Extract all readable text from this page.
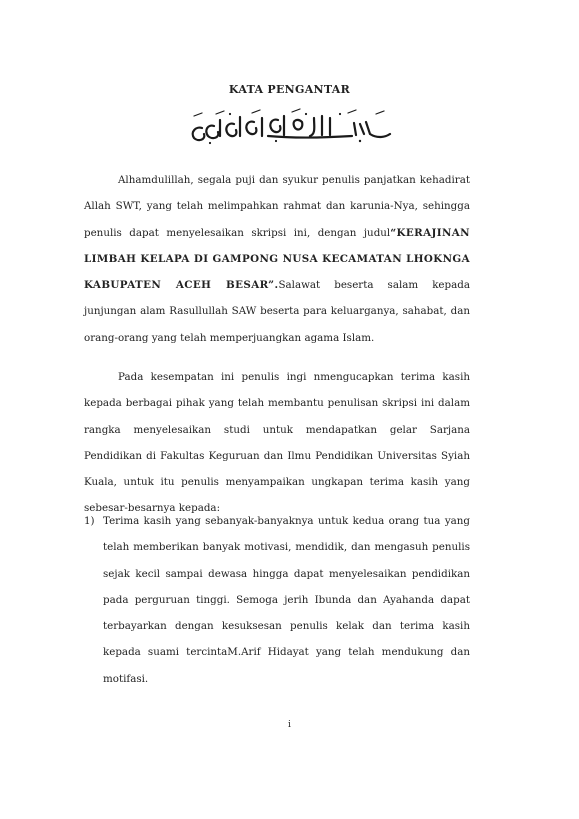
KATA PENGANTAR

Alhamdulillah, segala puji dan syukur penulis panjatkan kehadirat Allah SWT, yang telah melimpahkan rahmat dan karunia-Nya, sehingga penulis dapat menyelesaikan skripsi ini, dengan judul“KERAJINAN LIMBAH KELAPA DI GAMPONG NUSA KECAMATAN LHOKNGA KABUPATEN ACEH BESAR”.Salawat beserta salam kepada junjungan alam Rasullullah SAW beserta para keluarganya, sahabat, dan orang-orang yang telah memperjuangkan agama Islam.

Pada kesempatan ini penulis ingi nmengucapkan terima kasih kepada berbagai pihak yang telah membantu penulisan skripsi ini dalam rangka menyelesaikan studi untuk mendapatkan gelar Sarjana Pendidikan di Fakultas Keguruan dan Ilmu Pendidikan Universitas Syiah Kuala, untuk itu penulis menyampaikan ungkapan terima kasih yang sebesar-besarnya kepada:

1) Terima kasih yang sebanyak-banyaknya untuk kedua orang tua yang telah memberikan banyak motivasi, mendidik, dan mengasuh penulis sejak kecil sampai dewasa hingga dapat menyelesaikan pendidikan pada perguruan tinggi. Semoga jerih Ibunda dan Ayahanda dapat terbayarkan dengan kesuksesan penulis kelak dan terima kasih kepada suami tercintaM.Arif Hidayat yang telah mendukung dan motifasi.
i
